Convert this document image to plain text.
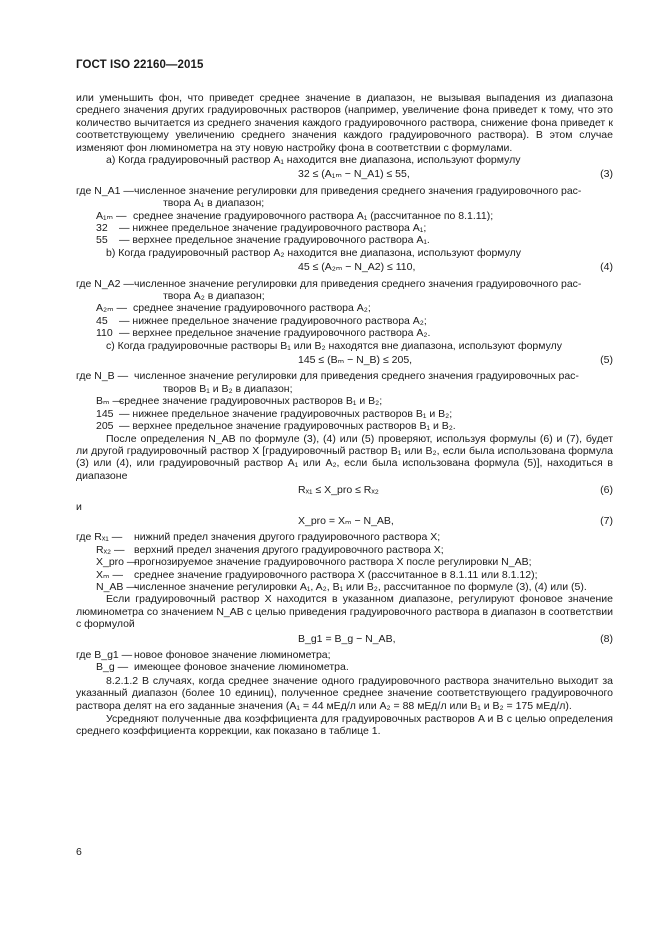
ГОСТ ISO 22160—2015

или уменьшить фон, что приведет среднее значение в диапазон, не вызывая выпадения из диапазона среднего значения других градуировочных растворов (например, увеличение фона приведет к тому, что это количество вычитается из среднего значения каждого градуировочного раствора, снижение фона приведет к соответствующему увеличению среднего значения каждого градуировочного раствора). В этом случае изменяют фон люминометра на эту новую настройку фона в соответствии с формулами.

a) Когда градуировочный раствор A₁ находится вне диапазона, используют формулу

32 ≤ (A₁ₘ − N_A1) ≤ 55,	(3)
где N_A1 — численное значение регулировки для приведения среднего значения градуировочного рас-
твора A₁ в диапазон;
A₁ₘ — среднее значение градуировочного раствора A₁ (рассчитанное по 8.1.11);
32	— нижнее предельное значение градуировочного раствора A₁;
55	— верхнее предельное значение градуировочного раствора A₁.

b) Когда градуировочный раствор A₂ находится вне диапазона, используют формулу

45 ≤ (A₂ₘ − N_A2) ≤ 110,	(4)
где N_A2 — численное значение регулировки для приведения среднего значения градуировочного рас-
твора A₂ в диапазон;
A₂ₘ — среднее значение градуировочного раствора A₂;
45	— нижнее предельное значение градуировочного раствора A₂;
110 — верхнее предельное значение градуировочного раствора A₂.

c) Когда градуировочные растворы B₁ или B₂ находятся вне диапазона, используют формулу

145 ≤ (Bₘ − N_B) ≤ 205,	(5)
где N_B — численное значение регулировки для приведения среднего значения градуировочных рас-
творов B₁ и B₂ в диапазон;
Bₘ —
среднее значение градуировочных растворов B₁ и B₂;
145 — нижнее предельное значение градуировочных растворов B₁ и B₂;
205 — верхнее предельное значение градуировочных растворов B₁ и B₂.

После определения N_AB по формуле (3), (4) или (5) проверяют, используя формулы (6) и (7), будет ли другой градуировочный раствор X [градуировочный раствор B₁ или B₂, если была использована формула (3) или (4), или градуировочный раствор A₁ или A₂, если была использована формула (5)], находиться в диапазоне

Rₓ₁ ≤ X_pro ≤ Rₓ₂	(6)
и
X_pro = Xₘ − N_AB,	(7)
где Rₓ₁ —	нижний предел значения другого градуировочного раствора X;
Rₓ₂ — верхний предел значения другого градуировочного раствора X;
X_pro —
прогнозируемое значение градуировочного раствора X после регулировки N_AB;
Xₘ —	среднее значение градуировочного раствора X (рассчитанное в 8.1.11 или 8.1.12);
N_AB —
численное значение регулировки A₁, A₂, B₁ или B₂, рассчитанное по формуле (3), (4) или (5).

Если градуировочный раствор X находится в указанном диапазоне, регулируют фоновое значение люминометра со значением N_AB с целью приведения градуировочного раствора в диапазон в соответствии с формулой

B_g1 = B_g − N_AB,	(8)
где B_g1 — новое фоновое значение люминометра;
B_g — имеющее фоновое значение люминометра.

8.2.1.2 В случаях, когда среднее значение одного градуировочного раствора значительно выходит за указанный диапазон (более 10 единиц), полученное среднее значение соответствующего градуировочного раствора делят на его заданные значения (A₁ = 44 мЕд/л или A₂ = 88 мЕд/л или B₁ и B₂ = 175 мЕд/л).

Усредняют полученные два коэффициента для градуировочных растворов A и B с целью определения среднего коэффициента коррекции, как показано в таблице 1.

6
